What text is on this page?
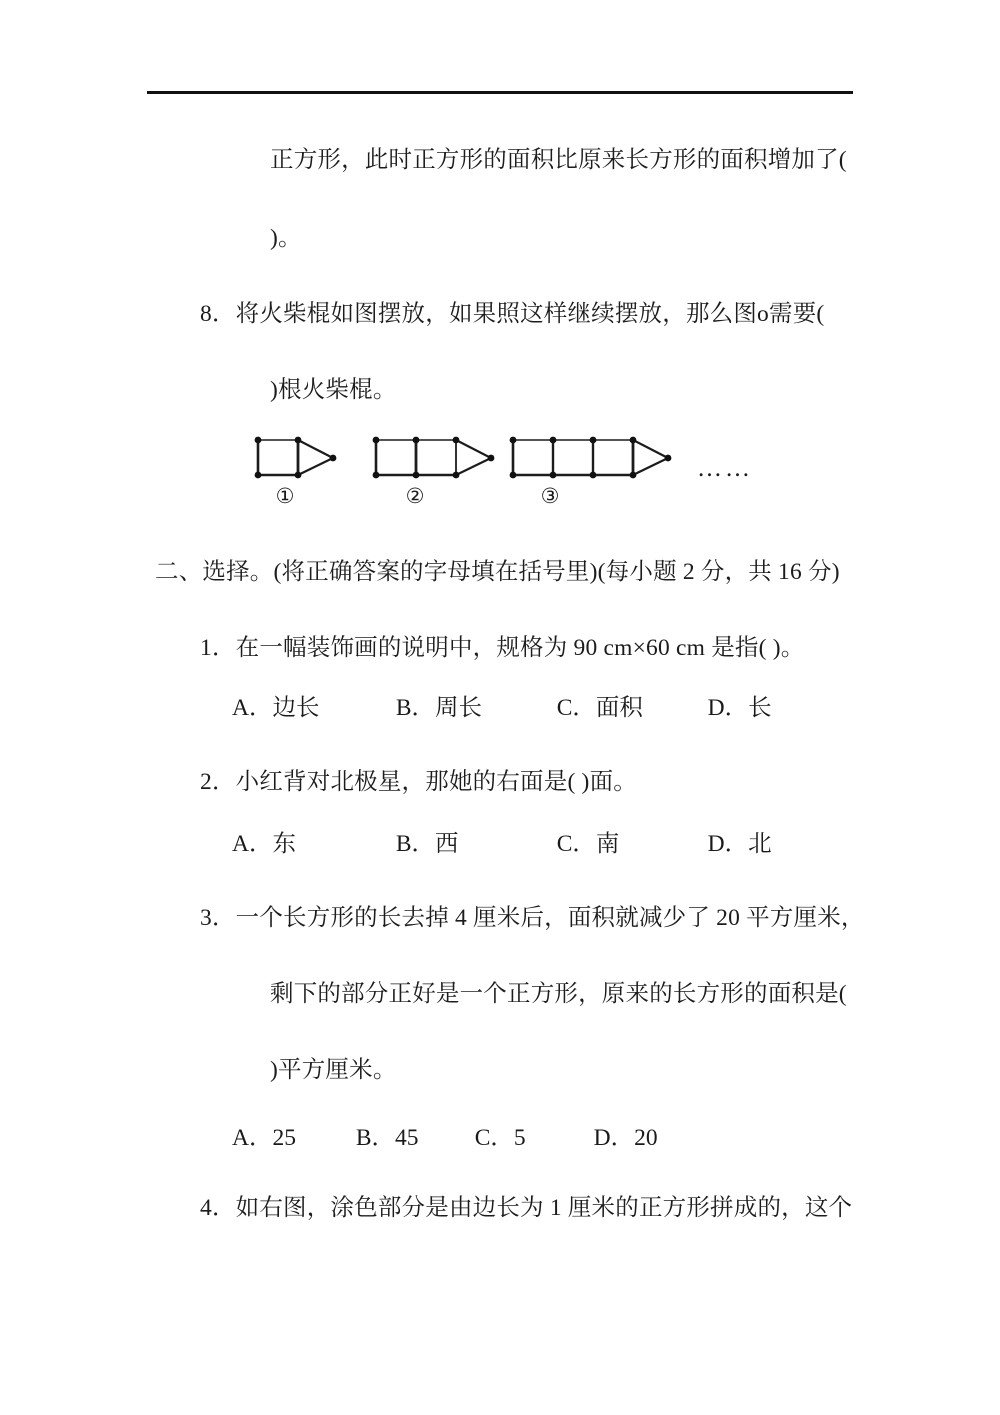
正方形，此时正方形的面积比原来长方形的面积增加了(
)。
8．将火柴棍如图摆放，如果照这样继续摆放，那么图o需要(
)根火柴棍。
……
①	②	③
二、选择。(将正确答案的字母填在括号里)(每小题 2 分，共 16 分)
1．在一幅装饰画的说明中，规格为 90 cm×60 cm 是指( )。
A．边长	B．周长	C．面积	D．长
2．小红背对北极星，那她的右面是( )面。
A．东	B．西	C．南	D．北
3．一个长方形的长去掉 4 厘米后，面积就减少了 20 平方厘米，
剩下的部分正好是一个正方形，原来的长方形的面积是(
)平方厘米。
A．25	B．45 C．5	D．20
4．如右图，涂色部分是由边长为 1 厘米的正方形拼成的，这个
